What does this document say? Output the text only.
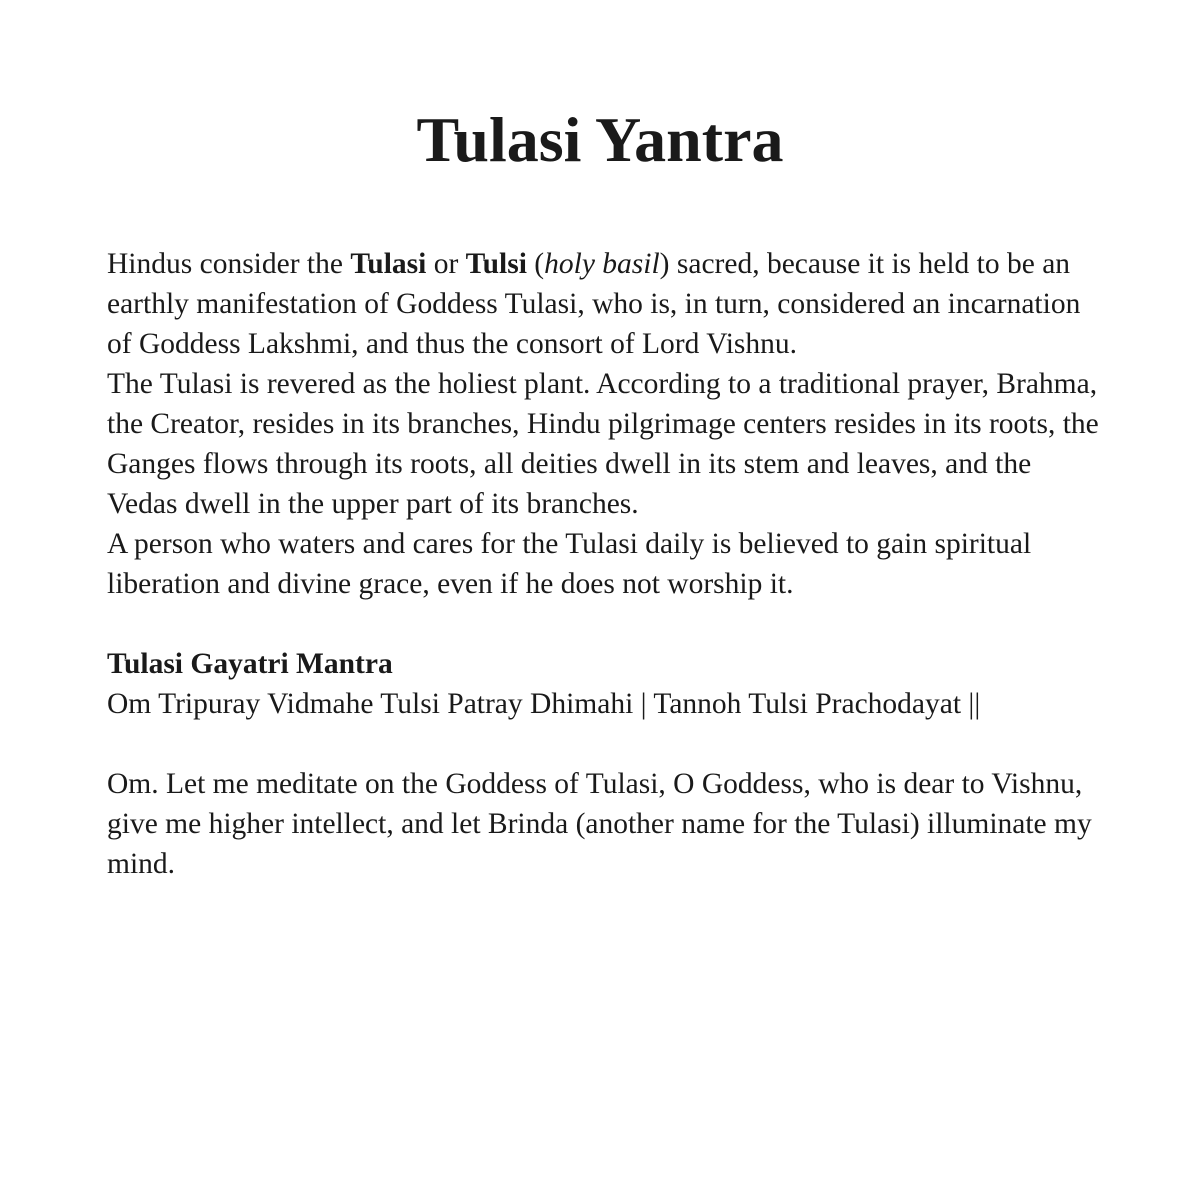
Tulasi Yantra

Hindus consider the Tulasi or Tulsi (holy basil) sacred, because it is held to be an earthly manifestation of Goddess Tulasi, who is, in turn, considered an incarnation of Goddess Lakshmi, and thus the consort of Lord Vishnu.

The Tulasi is revered as the holiest plant. According to a traditional prayer, Brahma, the Creator, resides in its branches, Hindu pilgrimage centers resides in its roots, the Ganges flows through its roots, all deities dwell in its stem and leaves, and the Vedas dwell in the upper part of its branches.

A person who waters and cares for the Tulasi daily is believed to gain spiritual liberation and divine grace, even if he does not worship it.

Tulasi Gayatri Mantra

Om Tripuray Vidmahe Tulsi Patray Dhimahi | Tannoh Tulsi Prachodayat ||

Om. Let me meditate on the Goddess of Tulasi, O Goddess, who is dear to Vishnu, give me higher intellect, and let Brinda (another name for the Tulasi) illuminate my mind.
